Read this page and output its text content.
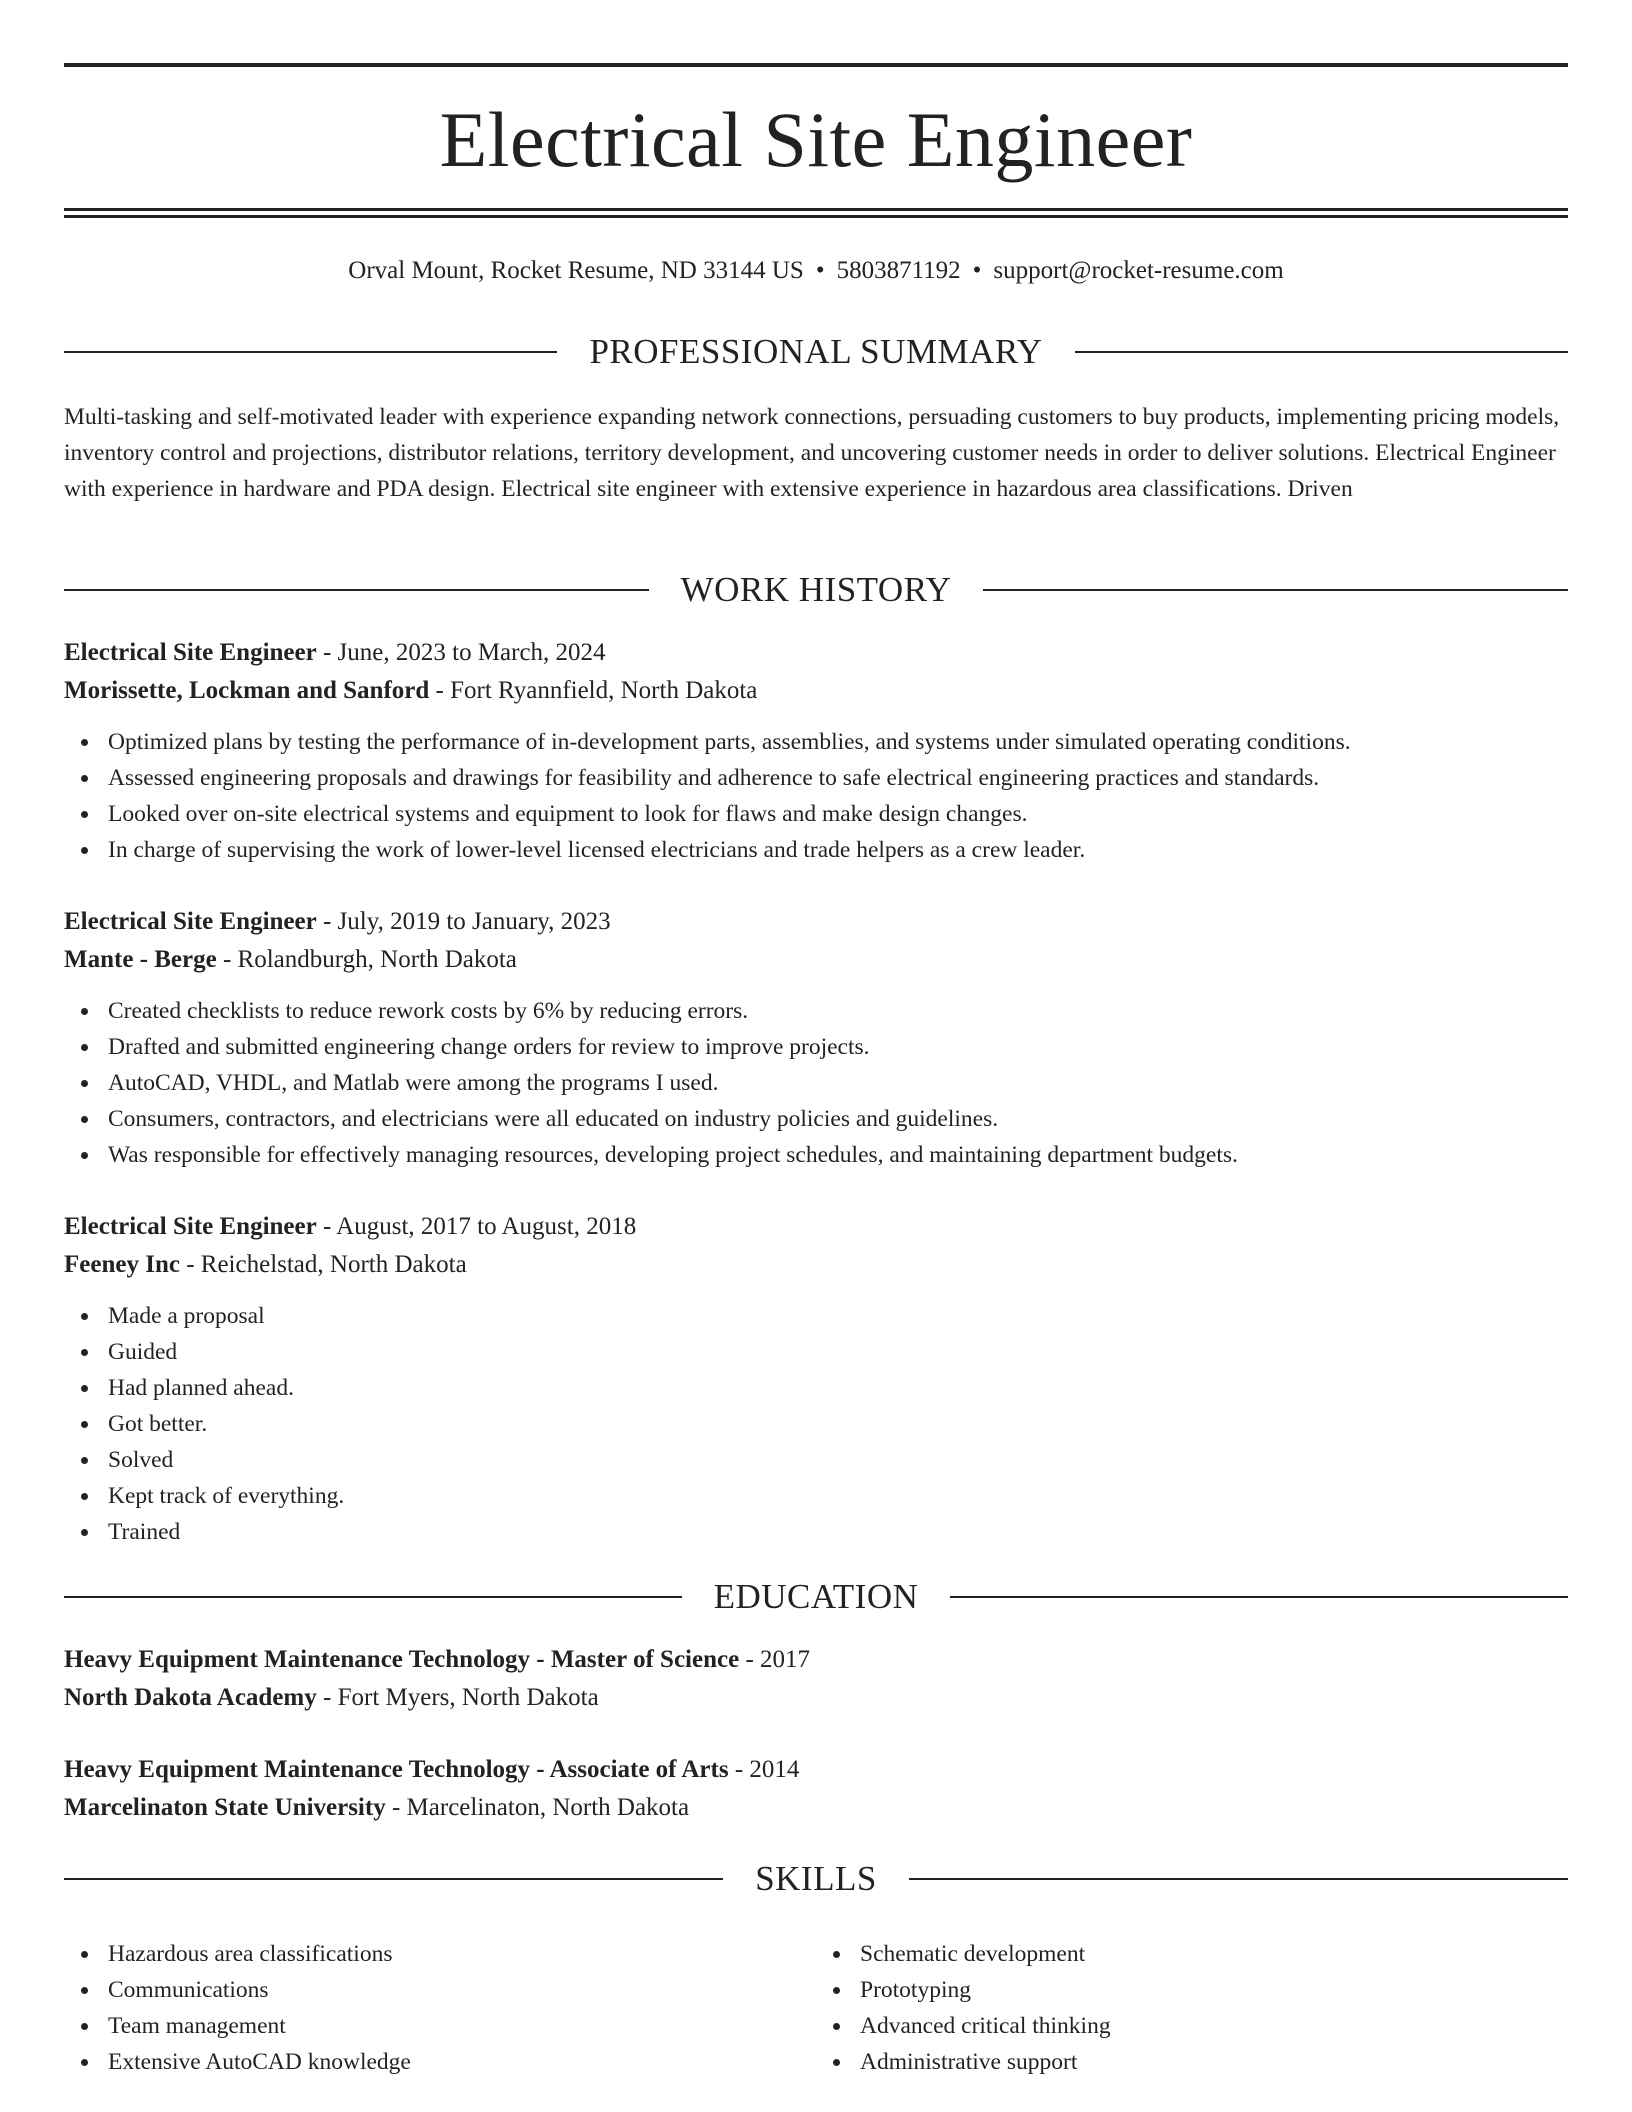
Electrical Site Engineer
Orval Mount, Rocket Resume, ND 33144 US • 5803871192 • support@rocket-resume.com
PROFESSIONAL SUMMARY

Multi-tasking and self-motivated leader with experience expanding network connections, persuading customers to buy products, implementing pricing models, inventory control and projections, distributor relations, territory development, and uncovering customer needs in order to deliver solutions. Electrical Engineer with experience in hardware and PDA design. Electrical site engineer with extensive experience in hazardous area classifications. Driven

WORK HISTORY
Electrical Site Engineer - June, 2023 to March, 2024
Morissette, Lockman and Sanford - Fort Ryannfield, North Dakota
Optimized plans by testing the performance of in-development parts, assemblies, and systems under simulated operating conditions.
Assessed engineering proposals and drawings for feasibility and adherence to safe electrical engineering practices and standards.
Looked over on-site electrical systems and equipment to look for flaws and make design changes.
In charge of supervising the work of lower-level licensed electricians and trade helpers as a crew leader.
Electrical Site Engineer - July, 2019 to January, 2023
Mante - Berge - Rolandburgh, North Dakota
Created checklists to reduce rework costs by 6% by reducing errors.
Drafted and submitted engineering change orders for review to improve projects.
AutoCAD, VHDL, and Matlab were among the programs I used.
Consumers, contractors, and electricians were all educated on industry policies and guidelines.
Was responsible for effectively managing resources, developing project schedules, and maintaining department budgets.
Electrical Site Engineer - August, 2017 to August, 2018
Feeney Inc - Reichelstad, North Dakota
Made a proposal
Guided
Had planned ahead.
Got better.
Solved
Kept track of everything.
Trained
EDUCATION
Heavy Equipment Maintenance Technology - Master of Science - 2017
North Dakota Academy - Fort Myers, North Dakota
Heavy Equipment Maintenance Technology - Associate of Arts - 2014
Marcelinaton State University - Marcelinaton, North Dakota
SKILLS
Hazardous area classifications
Communications
Team management
Extensive AutoCAD knowledge
Schematic development
Prototyping
Advanced critical thinking
Administrative support
